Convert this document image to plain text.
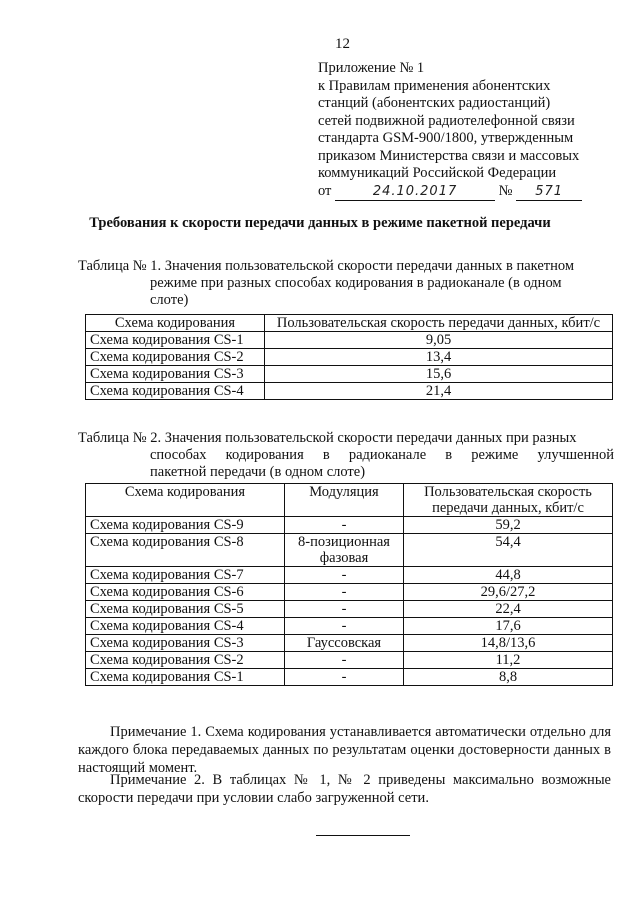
12
Приложение № 1
к Правилам применения абонентских
станций (абонентских радиостанций)
сетей подвижной радиотелефонной связи
стандарта GSM-900/1800, утвержденным
приказом Министерства связи и массовых
коммуникаций Российской Федерации
от	24.10.2017	№ 571
Требования к скорости передачи данных в режиме пакетной передачи
Таблица № 1. Значения пользовательской скорости передачи данных в пакетном
режиме при разных способах кодирования в радиоканале (в одном
слоте)
Схема кодирования	Пользовательская скорость передачи данных, кбит/с
Схема кодирования CS-1	9,05
Схема кодирования CS-2	13,4
Схема кодирования CS-3	15,6
Схема кодирования CS-4	21,4
Таблица № 2. Значения пользовательской скорости передачи данных при разных
способах кодирования в радиоканале в режиме улучшенной
пакетной передачи (в одном слоте)
Схема кодирования	Модуляция	Пользовательская скорость передачи данных, кбит/с
Схема кодирования CS-9	-	59,2
Схема кодирования CS-8	8-позиционная фазовая	54,4
Схема кодирования CS-7	-	44,8
Схема кодирования CS-6	-	29,6/27,2
Схема кодирования CS-5	-	22,4
Схема кодирования CS-4	-	17,6
Схема кодирования CS-3	Гауссовская	14,8/13,6
Схема кодирования CS-2	-	11,2
Схема кодирования CS-1	-	8,8
Примечание 1. Схема кодирования устанавливается автоматически отдельно для каждого блока передаваемых данных по результатам оценки достоверности данных в настоящий момент.
Примечание 2. В таблицах № 1, № 2 приведены максимально возможные скорости передачи при условии слабо загруженной сети.
